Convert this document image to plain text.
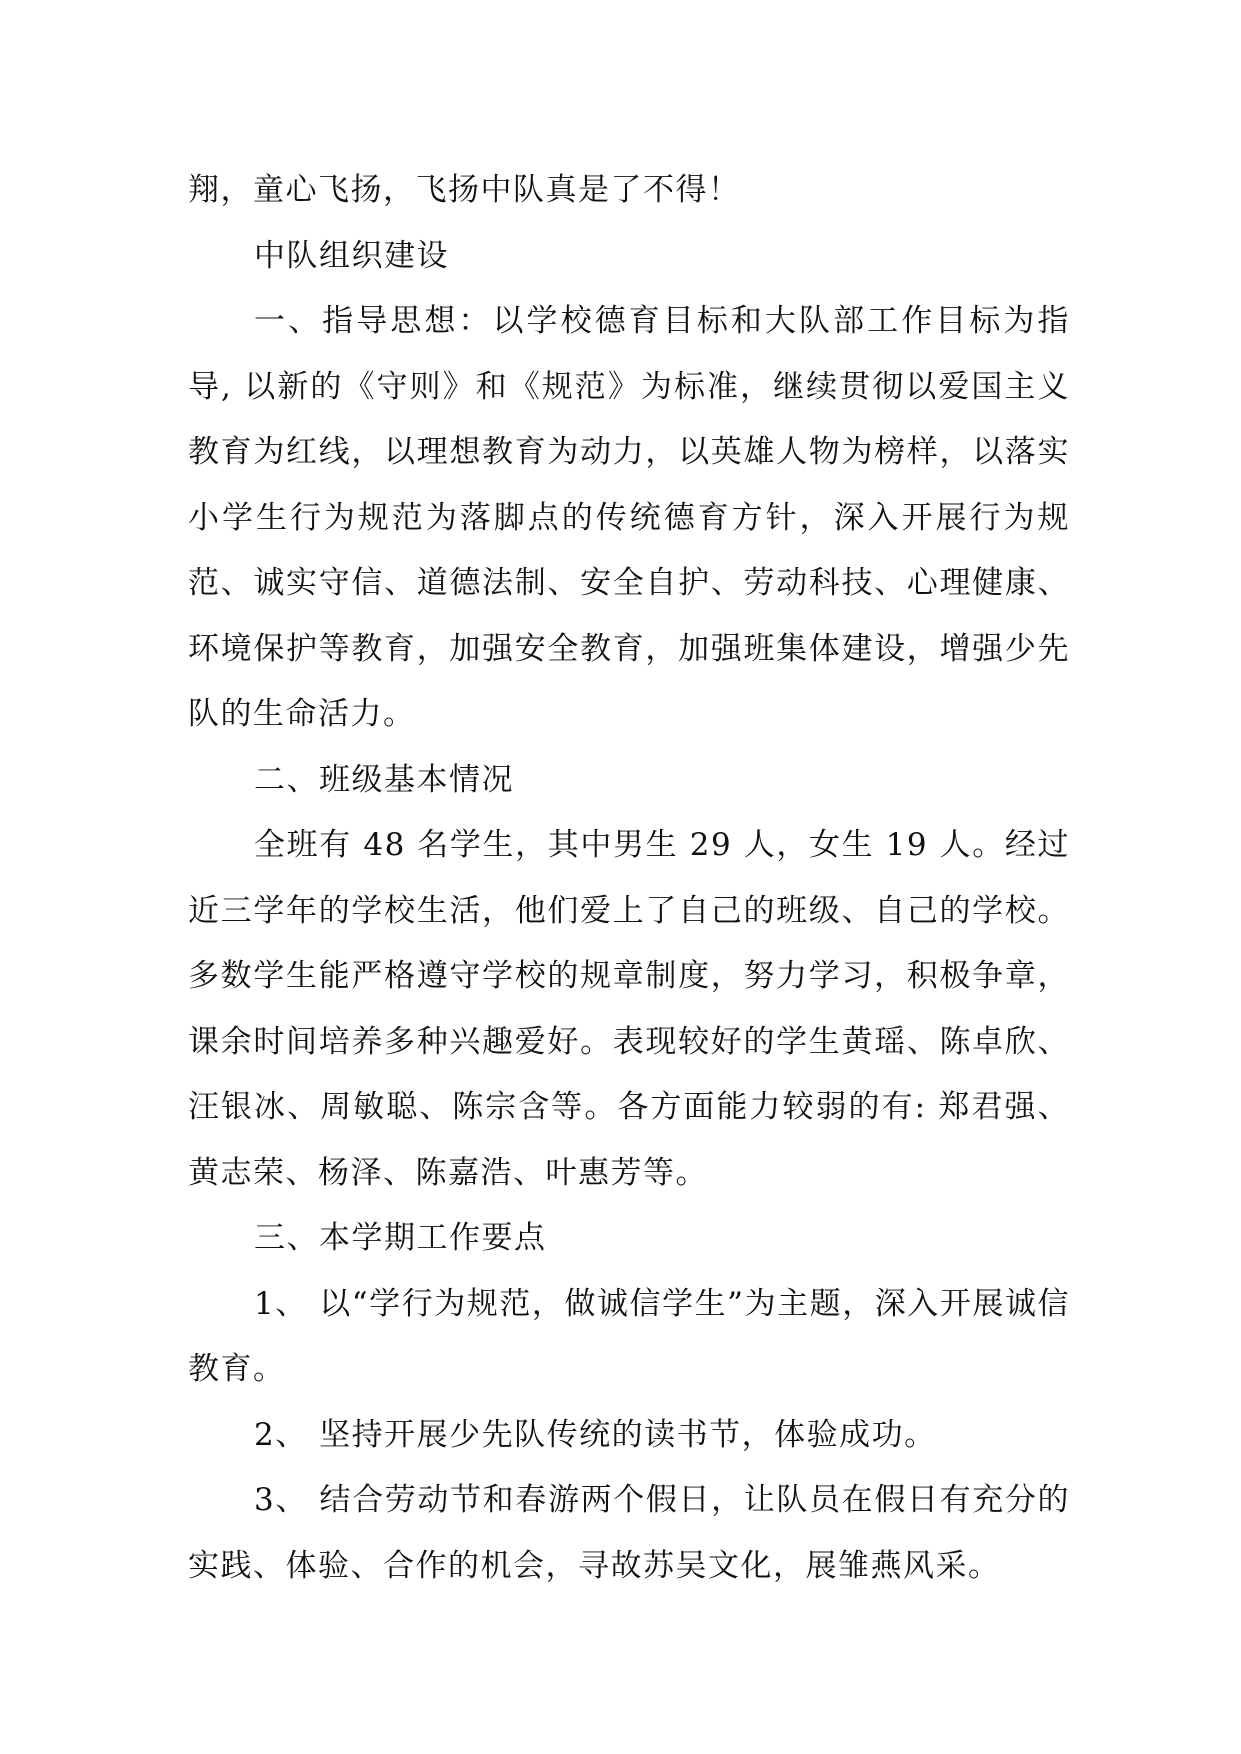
翔，童心飞扬，飞扬中队真是了不得！

中队组织建设

一、指导思想：以学校德育目标和大队部工作目标为指导, 以新的《守则》和《规范》为标准，继续贯彻以爱国主义教育为红线，以理想教育为动力，以英雄人物为榜样，以落实小学生行为规范为落脚点的传统德育方针，深入开展行为规范、诚实守信、道德法制、安全自护、劳动科技、心理健康、环境保护等教育，加强安全教育，加强班集体建设，增强少先队的生命活力。

二、班级基本情况

全班有 48 名学生，其中男生 29 人，女生 19 人。经过近三学年的学校生活，他们爱上了自己的班级、自己的学校。多数学生能严格遵守学校的规章制度，努力学习，积极争章，课余时间培养多种兴趣爱好。表现较好的学生黄瑶、陈卓欣、汪银冰、周敏聪、陈宗含等。各方面能力较弱的有: 郑君强、黄志荣、杨泽、陈嘉浩、叶惠芳等。

三、本学期工作要点

1、 以“学行为规范，做诚信学生”为主题，深入开展诚信教育。

2、 坚持开展少先队传统的读书节，体验成功。

3、 结合劳动节和春游两个假日，让队员在假日有充分的实践、体验、合作的机会，寻故苏吴文化，展雏燕风采。
